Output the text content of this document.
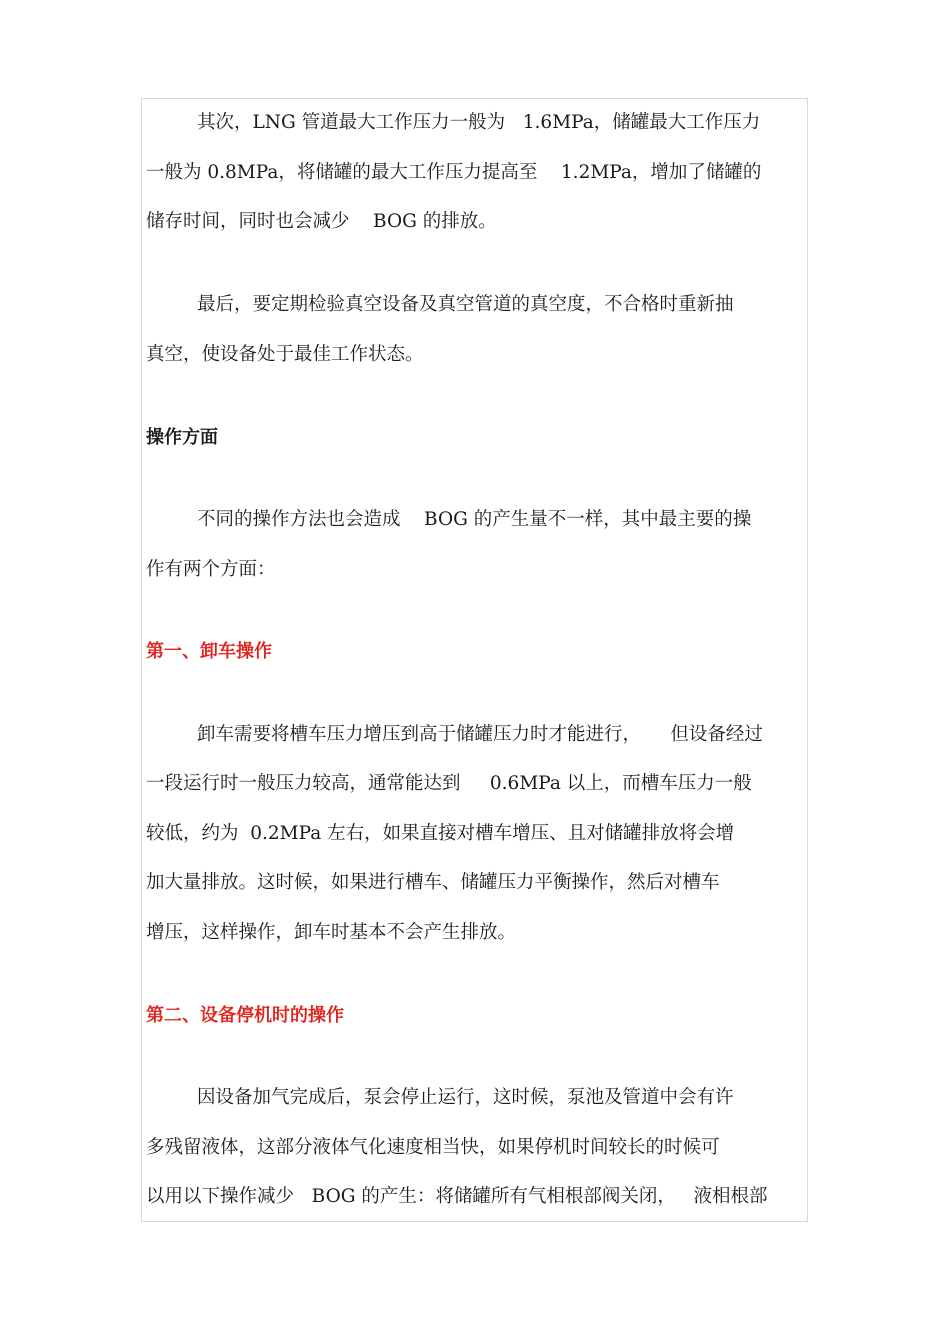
其次，LNG 管道最大工作压力一般为   1.6MPa，储罐最大工作压力
一般为 0.8MPa，将储罐的最大工作压力提高至    1.2MPa，增加了储罐的
储存时间，同时也会减少    BOG 的排放。
最后，要定期检验真空设备及真空管道的真空度，不合格时重新抽
真空，使设备处于最佳工作状态。
操作方面
不同的操作方法也会造成    BOG 的产生量不一样，其中最主要的操
作有两个方面：
第一、卸车操作
卸车需要将槽车压力增压到高于储罐压力时才能进行，     但设备经过
一段运行时一般压力较高，通常能达到     0.6MPa 以上，而槽车压力一般
较低，约为  0.2MPa 左右，如果直接对槽车增压、且对储罐排放将会增
加大量排放。这时候，如果进行槽车、储罐压力平衡操作，然后对槽车
增压，这样操作，卸车时基本不会产生排放。
第二、设备停机时的操作
因设备加气完成后，泵会停止运行，这时候，泵池及管道中会有许
多残留液体，这部分液体气化速度相当快，如果停机时间较长的时候可
以用以下操作减少   BOG 的产生：将储罐所有气相根部阀关闭，   液相根部
